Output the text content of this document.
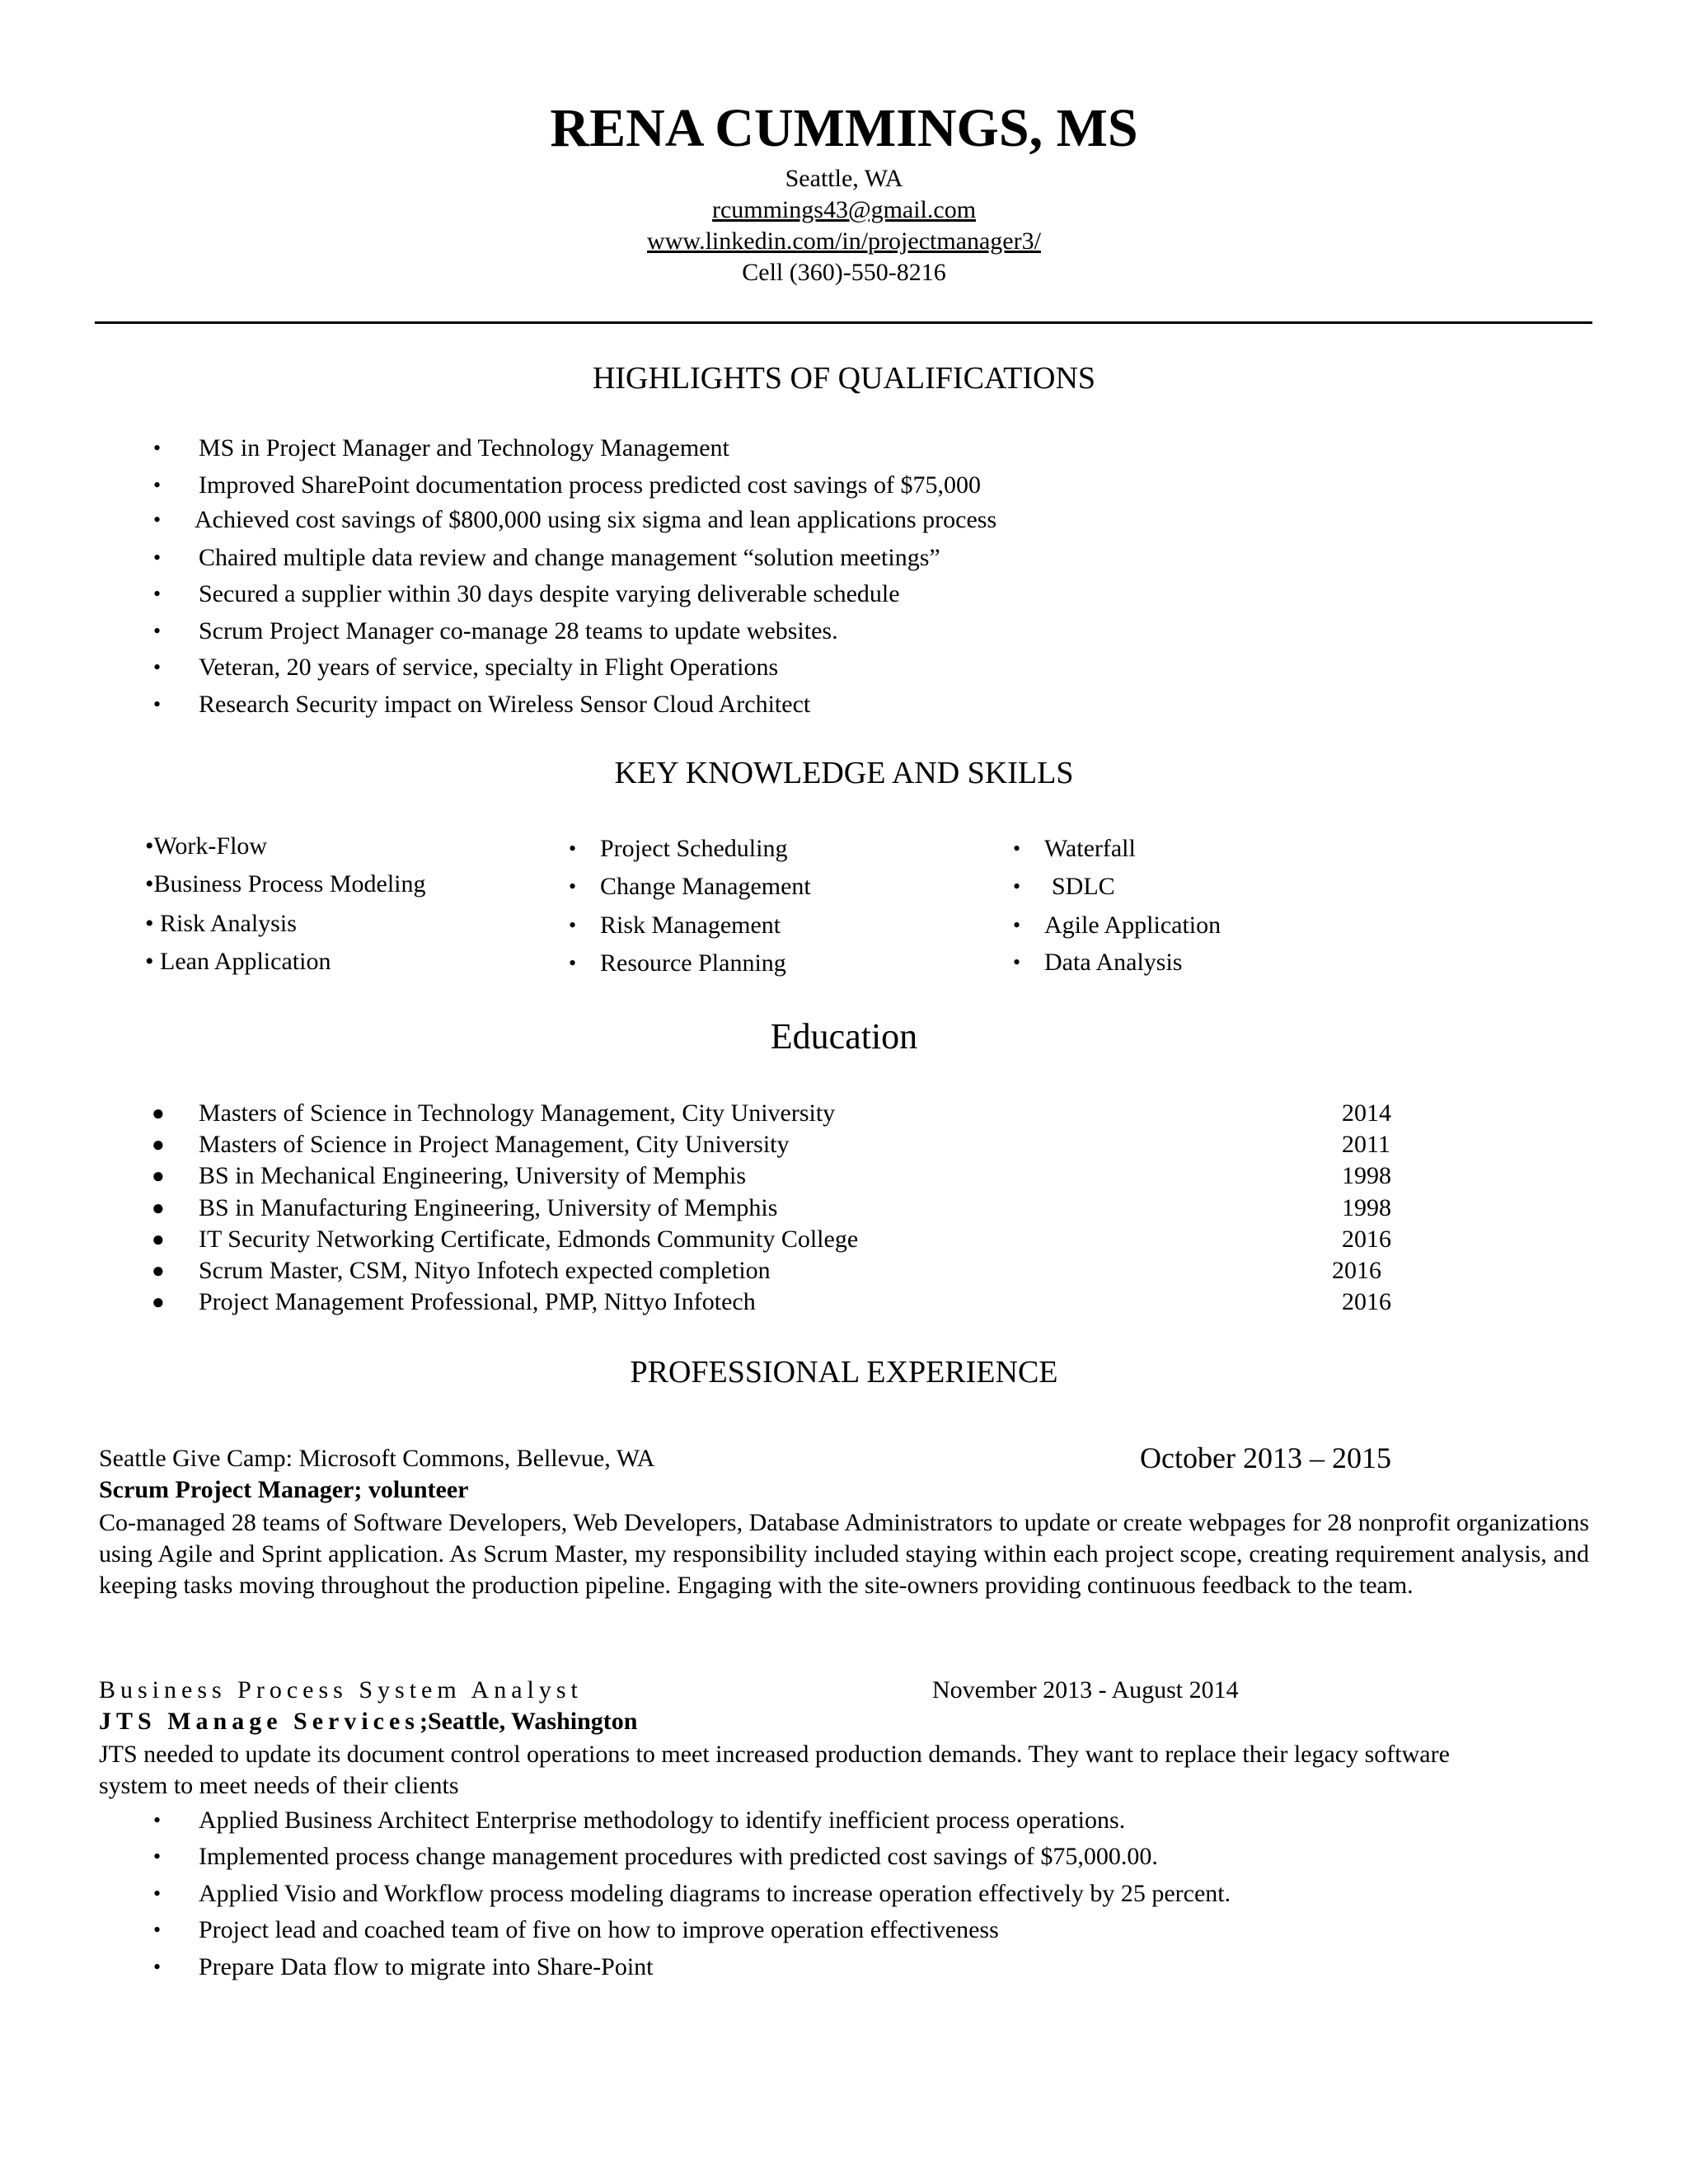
RENA CUMMINGS, MS
Seattle, WA
rcummings43@gmail.com
www.linkedin.com/in/projectmanager3/
Cell (360)-550-8216
HIGHLIGHTS OF QUALIFICATIONS
• MS in Project Manager and Technology Management
• Improved SharePoint documentation process predicted cost savings of $75,000
• Achieved cost savings of $800,000 using six sigma and lean applications process
• Chaired multiple data review and change management “solution meetings”
• Secured a supplier within 30 days despite varying deliverable schedule
• Scrum Project Manager co-manage 28 teams to update websites.
• Veteran, 20 years of service, specialty in Flight Operations
• Research Security impact on Wireless Sensor Cloud Architect
KEY KNOWLEDGE AND SKILLS
•Work-Flow
•Business Process Modeling
• Risk Analysis
• Lean Application
• Project Scheduling
• Change Management
• Risk Management
• Resource Planning
• Waterfall
• SDLC
• Agile Application
• Data Analysis
Education
● Masters of Science in Technology Management, City University	2014
● Masters of Science in Project Management, City University	2011
● BS in Mechanical Engineering, University of Memphis	1998
● BS in Manufacturing Engineering, University of Memphis	1998
● IT Security Networking Certificate, Edmonds Community College	2016
● Scrum Master, CSM, Nityo Infotech expected completion	2016
● Project Management Professional, PMP, Nittyo Infotech	2016
PROFESSIONAL EXPERIENCE
Seattle Give Camp: Microsoft Commons, Bellevue, WA	October 2013 – 2015
Scrum Project Manager; volunteer
Co-managed 28 teams of Software Developers, Web Developers, Database Administrators to update or create webpages for 28 nonprofit organizations using Agile and Sprint application. As Scrum Master, my responsibility included staying within each project scope, creating requirement analysis, and keeping tasks moving throughout the production pipeline. Engaging with the site-owners providing continuous feedback to the team.
Business Process System Analyst	November 2013 - August 2014
JTS Manage Services;Seattle, Washington
JTS needed to update its document control operations to meet increased production demands. They want to replace their legacy software system to meet needs of their clients
• Applied Business Architect Enterprise methodology to identify inefficient process operations.
• Implemented process change management procedures with predicted cost savings of $75,000.00.
• Applied Visio and Workflow process modeling diagrams to increase operation effectively by 25 percent.
• Project lead and coached team of five on how to improve operation effectiveness
• Prepare Data flow to migrate into Share-Point
